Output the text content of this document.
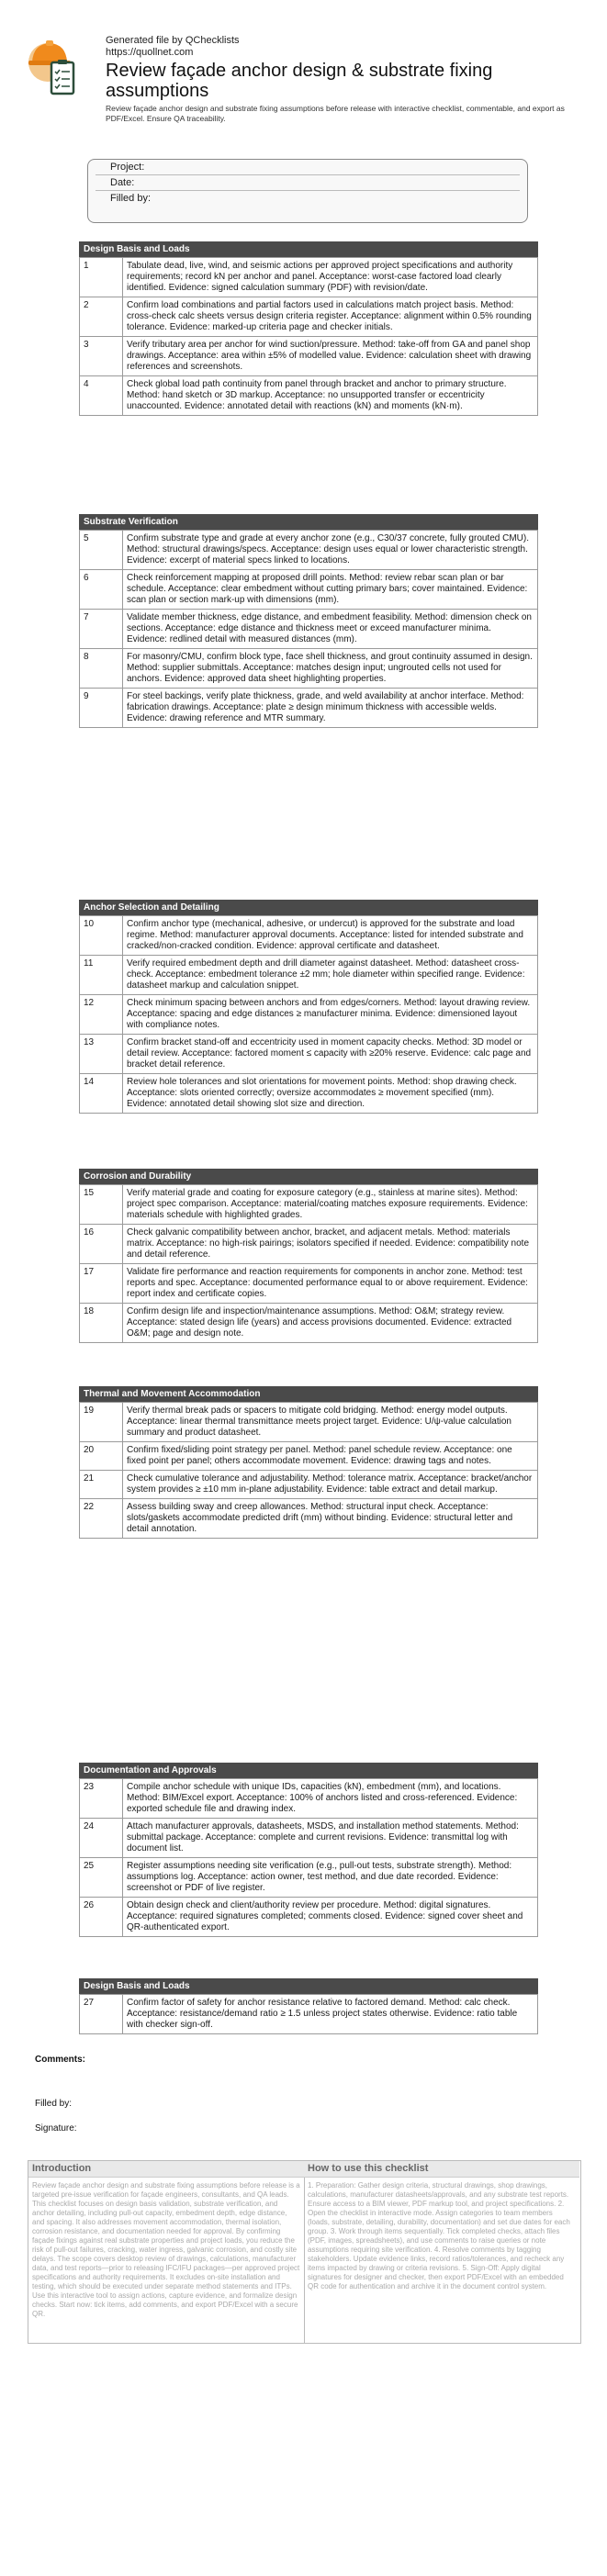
Generated file by QChecklists
https://quollnet.com
Review façade anchor design & substrate fixing assumptions
Review façade anchor design and substrate fixing assumptions before release with interactive checklist, commentable, and export as PDF/Excel. Ensure QA traceability.
Project:
Date:
Filled by:
Design Basis and Loads
1	Tabulate dead, live, wind, and seismic actions per approved project specifications and authority requirements; record kN per anchor and panel. Acceptance: worst-case factored load clearly identified. Evidence: signed calculation summary (PDF) with revision/date.
2	Confirm load combinations and partial factors used in calculations match project basis. Method: cross-check calc sheets versus design criteria register. Acceptance: alignment within 0.5% rounding tolerance. Evidence: marked-up criteria page and checker initials.
3	Verify tributary area per anchor for wind suction/pressure. Method: take-off from GA and panel shop drawings. Acceptance: area within ±5% of modelled value. Evidence: calculation sheet with drawing references and screenshots.
4	Check global load path continuity from panel through bracket and anchor to primary structure. Method: hand sketch or 3D markup. Acceptance: no unsupported transfer or eccentricity unaccounted. Evidence: annotated detail with reactions (kN) and moments (kN·m).
Substrate Verification
5	Confirm substrate type and grade at every anchor zone (e.g., C30/37 concrete, fully grouted CMU). Method: structural drawings/specs. Acceptance: design uses equal or lower characteristic strength. Evidence: excerpt of material specs linked to locations.
6	Check reinforcement mapping at proposed drill points. Method: review rebar scan plan or bar schedule. Acceptance: clear embedment without cutting primary bars; cover maintained. Evidence: scan plan or section mark-up with dimensions (mm).
7	Validate member thickness, edge distance, and embedment feasibility. Method: dimension check on sections. Acceptance: edge distance and thickness meet or exceed manufacturer minima. Evidence: redlined detail with measured distances (mm).
8	For masonry/CMU, confirm block type, face shell thickness, and grout continuity assumed in design. Method: supplier submittals. Acceptance: matches design input; ungrouted cells not used for anchors. Evidence: approved data sheet highlighting properties.
9	For steel backings, verify plate thickness, grade, and weld availability at anchor interface. Method: fabrication drawings. Acceptance: plate ≥ design minimum thickness with accessible welds. Evidence: drawing reference and MTR summary.
Anchor Selection and Detailing
10	Confirm anchor type (mechanical, adhesive, or undercut) is approved for the substrate and load regime. Method: manufacturer approval documents. Acceptance: listed for intended substrate and cracked/non-cracked condition. Evidence: approval certificate and datasheet.
11	Verify required embedment depth and drill diameter against datasheet. Method: datasheet cross-check. Acceptance: embedment tolerance ±2 mm; hole diameter within specified range. Evidence: datasheet markup and calculation snippet.
12	Check minimum spacing between anchors and from edges/corners. Method: layout drawing review. Acceptance: spacing and edge distances ≥ manufacturer minima. Evidence: dimensioned layout with compliance notes.
13	Confirm bracket stand-off and eccentricity used in moment capacity checks. Method: 3D model or detail review. Acceptance: factored moment ≤ capacity with ≥20% reserve. Evidence: calc page and bracket detail reference.
14	Review hole tolerances and slot orientations for movement points. Method: shop drawing check. Acceptance: slots oriented correctly; oversize accommodates ≥ movement specified (mm). Evidence: annotated detail showing slot size and direction.
Corrosion and Durability
15	Verify material grade and coating for exposure category (e.g., stainless at marine sites). Method: project spec comparison. Acceptance: material/coating matches exposure requirements. Evidence: materials schedule with highlighted grades.
16	Check galvanic compatibility between anchor, bracket, and adjacent metals. Method: materials matrix. Acceptance: no high-risk pairings; isolators specified if needed. Evidence: compatibility note and detail reference.
17	Validate fire performance and reaction requirements for components in anchor zone. Method: test reports and spec. Acceptance: documented performance equal to or above requirement. Evidence: report index and certificate copies.
18	Confirm design life and inspection/maintenance assumptions. Method: O&M; strategy review. Acceptance: stated design life (years) and access provisions documented. Evidence: extracted O&M; page and design note.
Thermal and Movement Accommodation
19	Verify thermal break pads or spacers to mitigate cold bridging. Method: energy model outputs. Acceptance: linear thermal transmittance meets project target. Evidence: U/ψ-value calculation summary and product datasheet.
20	Confirm fixed/sliding point strategy per panel. Method: panel schedule review. Acceptance: one fixed point per panel; others accommodate movement. Evidence: drawing tags and notes.
21	Check cumulative tolerance and adjustability. Method: tolerance matrix. Acceptance: bracket/anchor system provides ≥ ±10 mm in-plane adjustability. Evidence: table extract and detail markup.
22	Assess building sway and creep allowances. Method: structural input check. Acceptance: slots/gaskets accommodate predicted drift (mm) without binding. Evidence: structural letter and detail annotation.
Documentation and Approvals
23	Compile anchor schedule with unique IDs, capacities (kN), embedment (mm), and locations. Method: BIM/Excel export. Acceptance: 100% of anchors listed and cross-referenced. Evidence: exported schedule file and drawing index.
24	Attach manufacturer approvals, datasheets, MSDS, and installation method statements. Method: submittal package. Acceptance: complete and current revisions. Evidence: transmittal log with document list.
25	Register assumptions needing site verification (e.g., pull-out tests, substrate strength). Method: assumptions log. Acceptance: action owner, test method, and due date recorded. Evidence: screenshot or PDF of live register.
26	Obtain design check and client/authority review per procedure. Method: digital signatures. Acceptance: required signatures completed; comments closed. Evidence: signed cover sheet and QR-authenticated export.
Design Basis and Loads
27	Confirm factor of safety for anchor resistance relative to factored demand. Method: calc check. Acceptance: resistance/demand ratio ≥ 1.5 unless project states otherwise. Evidence: ratio table with checker sign-off.
Comments:
Filled by:
Signature:
Introduction
Review façade anchor design and substrate fixing assumptions before release is a targeted pre-issue verification for façade engineers, consultants, and QA leads. This checklist focuses on design basis validation, substrate verification, and anchor detailing, including pull-out capacity, embedment depth, edge distance, and spacing. It also addresses movement accommodation, thermal isolation, corrosion resistance, and documentation needed for approval. By confirming façade fixings against real substrate properties and project loads, you reduce the risk of pull-out failures, cracking, water ingress, galvanic corrosion, and costly site delays. The scope covers desktop review of drawings, calculations, manufacturer data, and test reports—prior to releasing IFC/IFU packages—per approved project specifications and authority requirements. It excludes on-site installation and testing, which should be executed under separate method statements and ITPs. Use this interactive tool to assign actions, capture evidence, and formalize design checks. Start now: tick items, add comments, and export PDF/Excel with a secure QR.
How to use this checklist
1. Preparation: Gather design criteria, structural drawings, shop drawings, calculations, manufacturer datasheets/approvals, and any substrate test reports. Ensure access to a BIM viewer, PDF markup tool, and project specifications. 2. Open the checklist in interactive mode. Assign categories to team members (loads, substrate, detailing, durability, documentation) and set due dates for each group. 3. Work through items sequentially. Tick completed checks, attach files (PDF, images, spreadsheets), and use comments to raise queries or note assumptions requiring site verification. 4. Resolve comments by tagging stakeholders. Update evidence links, record ratios/tolerances, and recheck any items impacted by drawing or criteria revisions. 5. Sign-Off: Apply digital signatures for designer and checker, then export PDF/Excel with an embedded QR code for authentication and archive it in the document control system.
